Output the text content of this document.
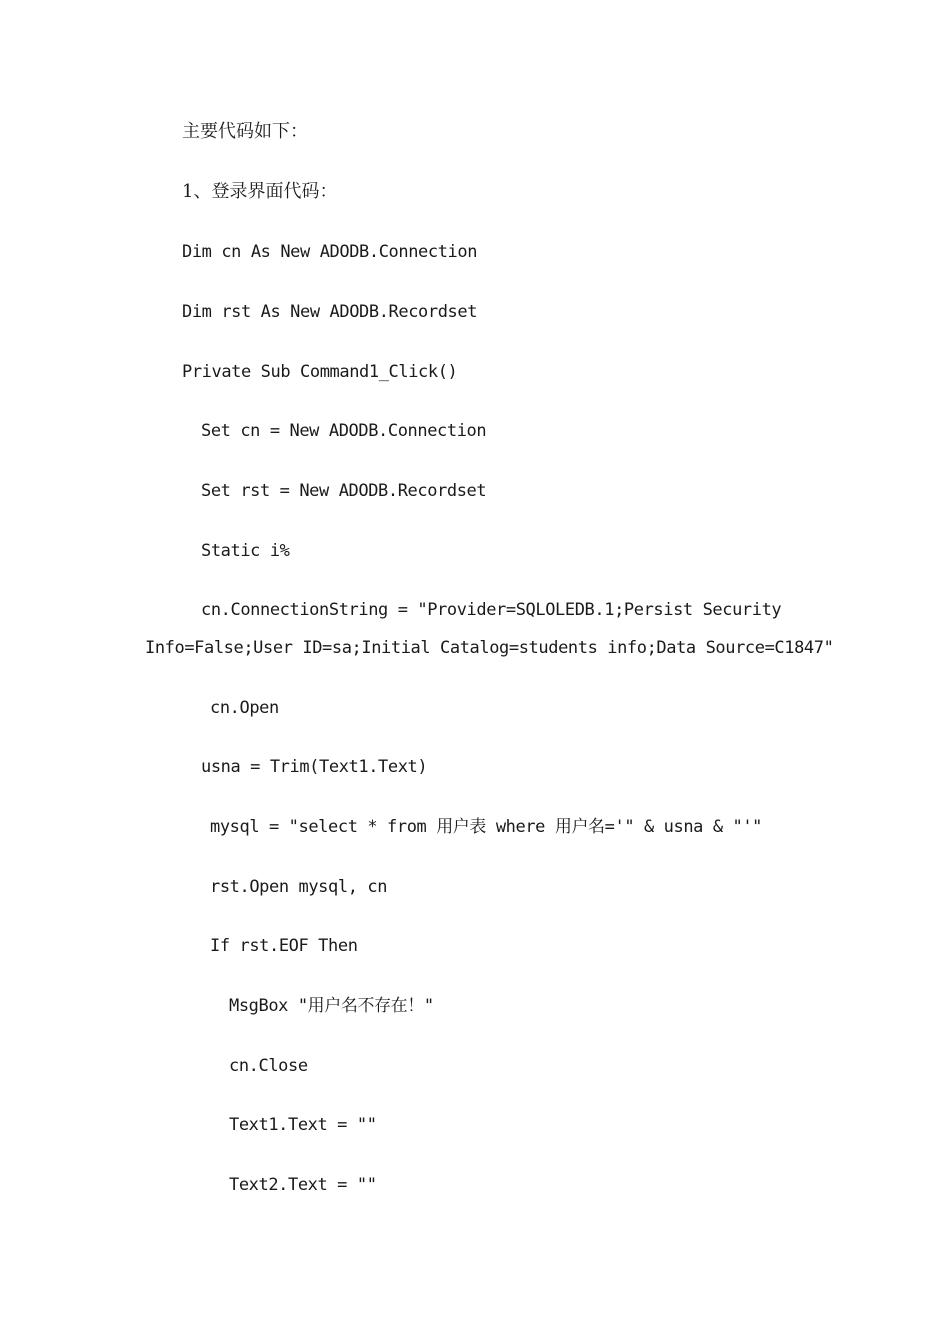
主要代码如下：
1、登录界面代码：
Dim cn As New ADODB.Connection
Dim rst As New ADODB.Recordset
Private Sub Command1_Click()
Set cn = New ADODB.Connection
Set rst = New ADODB.Recordset
Static i%
cn.ConnectionString = "Provider=SQLOLEDB.1;Persist Security
Info=False;User ID=sa;Initial Catalog=students info;Data Source=C1847"
cn.Open
usna = Trim(Text1.Text)
mysql = "select * from 用户表 where 用户名='" & usna & "'"
rst.Open mysql, cn
If rst.EOF Then
MsgBox "用户名不存在！"
cn.Close
Text1.Text = ""
Text2.Text = ""
